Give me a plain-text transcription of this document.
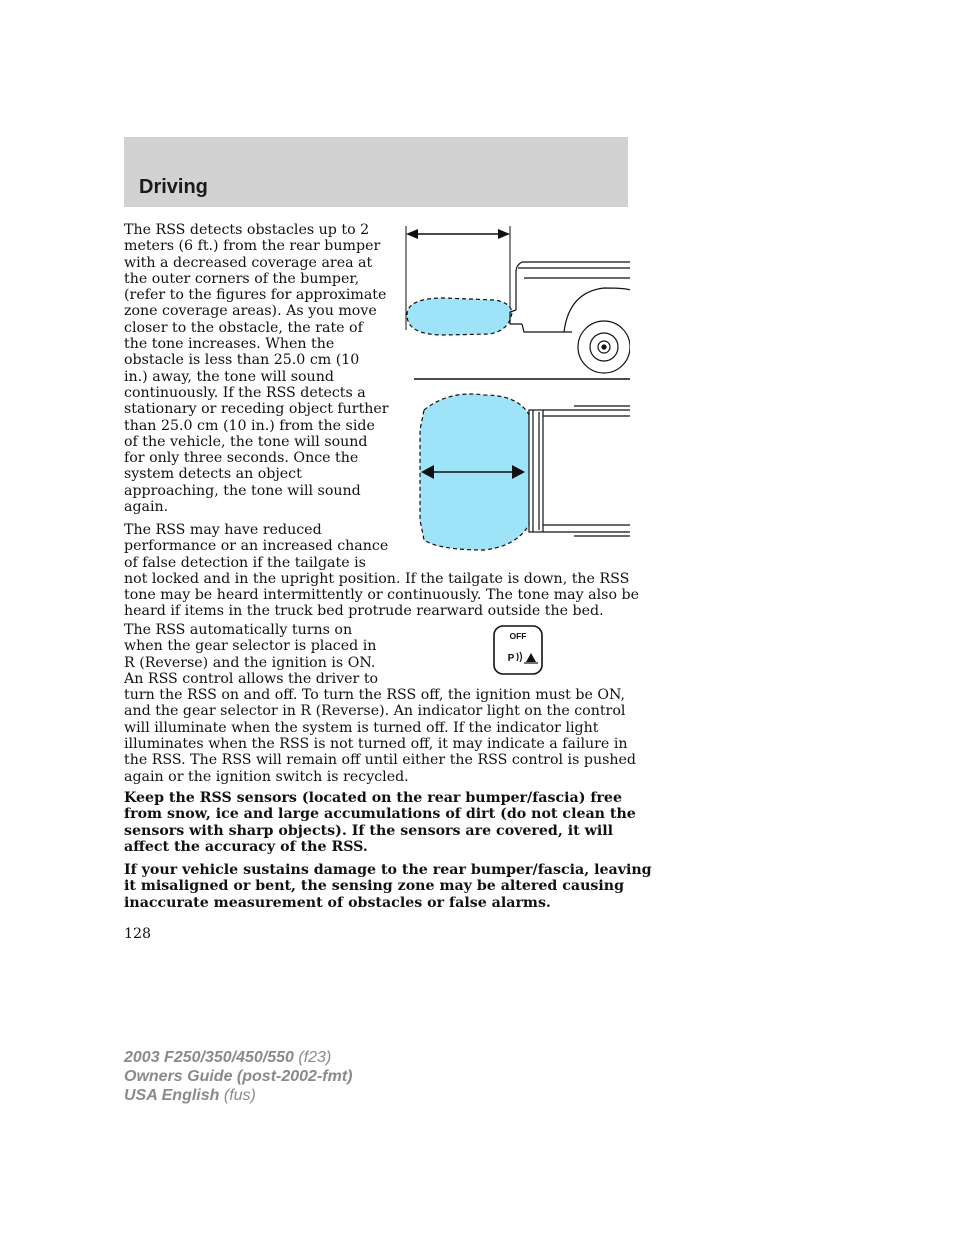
Driving
The RSS detects obstacles up to 2
meters (6 ft.) from the rear bumper
with a decreased coverage area at
the outer corners of the bumper,
(refer to the figures for approximate
zone coverage areas). As you move
closer to the obstacle, the rate of
the tone increases. When the
obstacle is less than 25.0 cm (10
in.) away, the tone will sound
continuously. If the RSS detects a
stationary or receding object further
than 25.0 cm (10 in.) from the side
of the vehicle, the tone will sound
for only three seconds. Once the
system detects an object
approaching, the tone will sound
again.
The RSS may have reduced
performance or an increased chance
of false detection if the tailgate is
not locked and in the upright position. If the tailgate is down, the RSS
tone may be heard intermittently or continuously. The tone may also be
heard if items in the truck bed protrude rearward outside the bed.
The RSS automatically turns on
when the gear selector is placed in
R (Reverse) and the ignition is ON.
An RSS control allows the driver to
turn the RSS on and off. To turn the RSS off, the ignition must be ON,
and the gear selector in R (Reverse). An indicator light on the control
will illuminate when the system is turned off. If the indicator light
illuminates when the RSS is not turned off, it may indicate a failure in
the RSS. The RSS will remain off until either the RSS control is pushed
again or the ignition switch is recycled.
Keep the RSS sensors (located on the rear bumper/fascia) free
from snow, ice and large accumulations of dirt (do not clean the
sensors with sharp objects). If the sensors are covered, it will
affect the accuracy of the RSS.
If your vehicle sustains damage to the rear bumper/fascia, leaving
it misaligned or bent, the sensing zone may be altered causing
inaccurate measurement of obstacles or false alarms.
OFF
P
128
2003 F250/350/450/550 (f23)
Owners Guide (post-2002-fmt)
USA English (fus)
